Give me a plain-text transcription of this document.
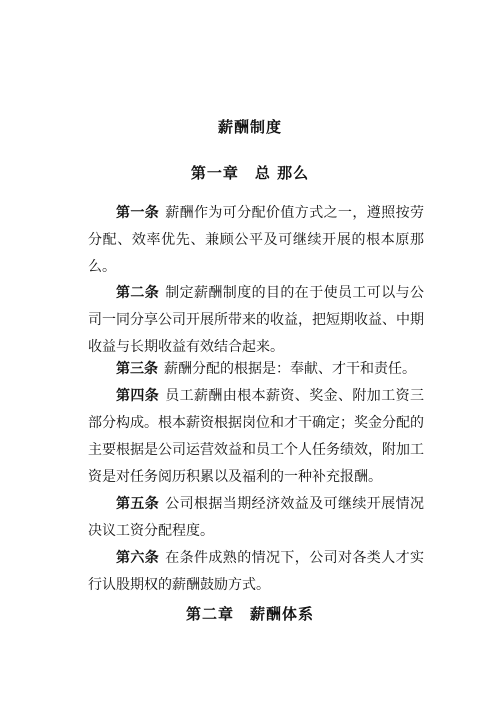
薪酬制度
第一章　总 那么

第一条 薪酬作为可分配价值方式之一，遵照按劳分配、效率优先、兼顾公平及可继续开展的根本原那么。

第二条 制定薪酬制度的目的在于使员工可以与公司一同分享公司开展所带来的收益，把短期收益、中期收益与长期收益有效结合起来。

第三条 薪酬分配的根据是：奉献、才干和责任。

第四条 员工薪酬由根本薪资、奖金、附加工资三部分构成。根本薪资根据岗位和才干确定；奖金分配的主要根据是公司运营效益和员工个人任务绩效，附加工资是对任务阅历积累以及福利的一种补充报酬。

第五条 公司根据当期经济效益及可继续开展情况决议工资分配程度。

第六条 在条件成熟的情况下，公司对各类人才实行认股期权的薪酬鼓励方式。

第二章　薪酬体系
